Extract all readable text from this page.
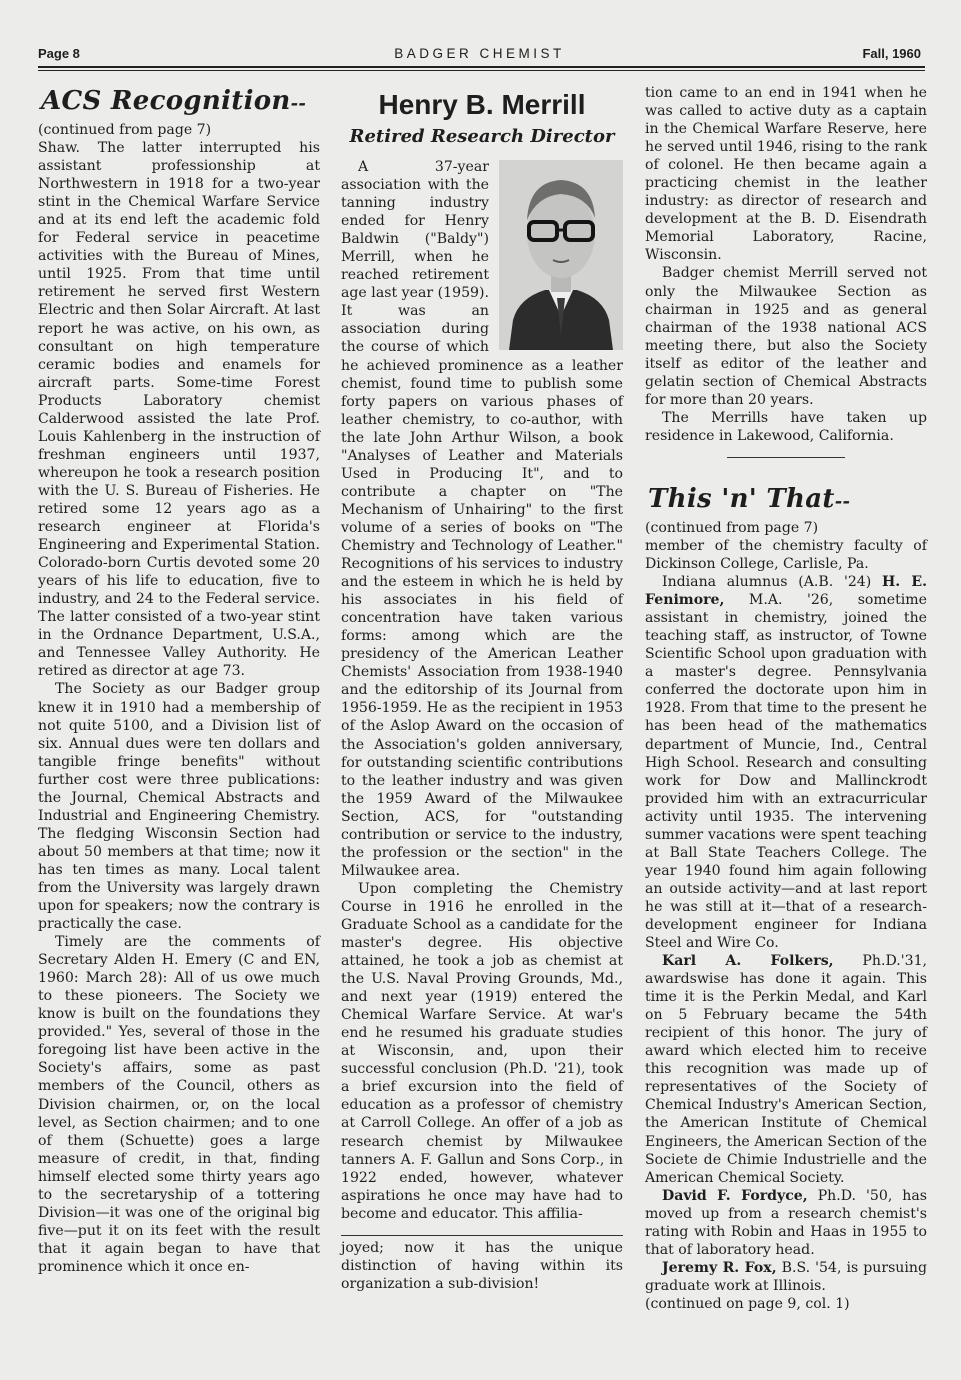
Page 8	BADGER CHEMIST	Fall, 1960
ACS Recognition--

(continued from page 7)

Shaw. The latter interrupted his assistant professionship at Northwestern in 1918 for a two-year stint in the Chemical Warfare Service and at its end left the academic fold for Federal service in peacetime activities with the Bureau of Mines, until 1925. From that time until retirement he served first Western Electric and then Solar Aircraft. At last report he was active, on his own, as consultant on high temperature ceramic bodies and enamels for aircraft parts. Some-time Forest Products Laboratory chemist Calderwood assisted the late Prof. Louis Kahlenberg in the instruction of freshman engineers until 1937, whereupon he took a research position with the U. S. Bureau of Fisheries. He retired some 12 years ago as a research engineer at Florida's Engineering and Experimental Station. Colorado-born Curtis devoted some 20 years of his life to education, five to industry, and 24 to the Federal service. The latter consisted of a two-year stint in the Ordnance Department, U.S.A., and Tennessee Valley Authority. He retired as director at age 73.

The Society as our Badger group knew it in 1910 had a membership of not quite 5100, and a Division list of six. Annual dues were ten dollars and tangible fringe benefits" without further cost were three publications: the Journal, Chemical Abstracts and Industrial and Engineering Chemistry. The fledging Wisconsin Section had about 50 members at that time; now it has ten times as many. Local talent from the University was largely drawn upon for speakers; now the contrary is practically the case.

Timely are the comments of Secretary Alden H. Emery (C and EN, 1960: March 28): All of us owe much to these pioneers. The Society we know is built on the foundations they provided." Yes, several of those in the foregoing list have been active in the Society's affairs, some as past members of the Council, others as Division chairmen, or, on the local level, as Section chairmen; and to one of them (Schuette) goes a large measure of credit, in that, finding himself elected some thirty years ago to the secretaryship of a tottering Division—it was one of the original big five—put it on its feet with the result that it again began to have that prominence which it once en-

Henry B. Merrill
Retired Research Director

A 37-year association with the tanning industry ended for Henry Baldwin ("Baldy") Merrill, when he reached retirement age last year (1959). It was an association during the course of which he achieved prominence as a leather chemist, found time to publish some forty papers on various phases of leather chemistry, to co-author, with the late John Arthur Wilson, a book "Analyses of Leather and Materials Used in Producing It", and to contribute a chapter on "The Mechanism of Unhairing" to the first volume of a series of books on "The Chemistry and Technology of Leather." Recognitions of his services to industry and the esteem in which he is held by his associates in his field of concentration have taken various forms: among which are the presidency of the American Leather Chemists' Association from 1938-1940 and the editorship of its Journal from 1956-1959. He as the recipient in 1953 of the Aslop Award on the occasion of the Association's golden anniversary, for outstanding scientific contributions to the leather industry and was given the 1959 Award of the Milwaukee Section, ACS, for "outstanding contribution or service to the industry, the profession or the section" in the Milwaukee area.

Upon completing the Chemistry Course in 1916 he enrolled in the Graduate School as a candidate for the master's degree. His objective attained, he took a job as chemist at the U.S. Naval Proving Grounds, Md., and next year (1919) entered the Chemical Warfare Service. At war's end he resumed his graduate studies at Wisconsin, and, upon their successful conclusion (Ph.D. '21), took a brief excursion into the field of education as a professor of chemistry at Carroll College. An offer of a job as research chemist by Milwaukee tanners A. F. Gallun and Sons Corp., in 1922 ended, however, whatever aspirations he once may have had to become and educator. This affilia-

joyed; now it has the unique distinction of having within its organization a sub-division!

tion came to an end in 1941 when he was called to active duty as a captain in the Chemical Warfare Reserve, here he served until 1946, rising to the rank of colonel. He then became again a practicing chemist in the leather industry: as director of research and development at the B. D. Eisendrath Memorial Laboratory, Racine, Wisconsin.

Badger chemist Merrill served not only the Milwaukee Section as chairman in 1925 and as general chairman of the 1938 national ACS meeting there, but also the Society itself as editor of the leather and gelatin section of Chemical Abstracts for more than 20 years.

The Merrills have taken up residence in Lakewood, California.

This 'n' That--

(continued from page 7)

member of the chemistry faculty of Dickinson College, Carlisle, Pa.

Indiana alumnus (A.B. '24) H. E. Fenimore, M.A. '26, sometime assistant in chemistry, joined the teaching staff, as instructor, of Towne Scientific School upon graduation with a master's degree. Pennsylvania conferred the doctorate upon him in 1928. From that time to the present he has been head of the mathematics department of Muncie, Ind., Central High School. Research and consulting work for Dow and Mallinckrodt provided him with an extracurricular activity until 1935. The intervening summer vacations were spent teaching at Ball State Teachers College. The year 1940 found him again following an outside activity—and at last report he was still at it—that of a research-development engineer for Indiana Steel and Wire Co.

Karl A. Folkers, Ph.D.'31, awardswise has done it again. This time it is the Perkin Medal, and Karl on 5 February became the 54th recipient of this honor. The jury of award which elected him to receive this recognition was made up of representatives of the Society of Chemical Industry's American Section, the American Institute of Chemical Engineers, the American Section of the Societe de Chimie Industrielle and the American Chemical Society.

David F. Fordyce, Ph.D. '50, has moved up from a research chemist's rating with Robin and Haas in 1955 to that of laboratory head.

Jeremy R. Fox, B.S. '54, is pursuing graduate work at Illinois.

(continued on page 9, col. 1)
